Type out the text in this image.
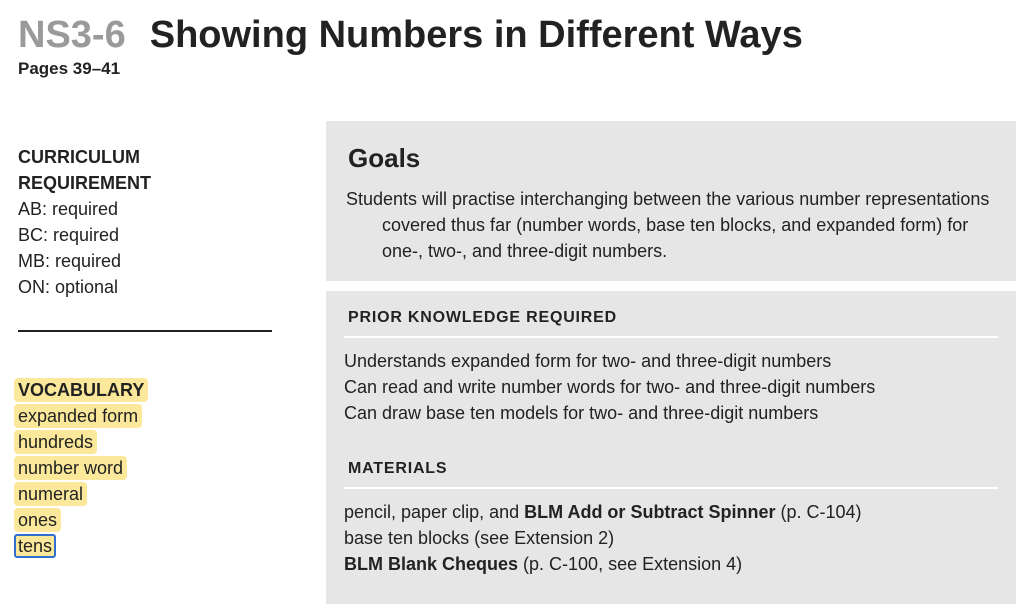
NS3-6 Showing Numbers in Different Ways
Pages 39–41
CURRICULUM
REQUIREMENT
AB: required
BC: required
MB: required
ON: optional
VOCABULARY
expanded form
hundreds
number word
numeral
ones
tens
Goals

Students will practise interchanging between the various number representations covered thus far (number words, base ten blocks, and expanded form) for one-, two-, and three-digit numbers.

PRIOR KNOWLEDGE REQUIRED
Understands expanded form for two- and three-digit numbers
Can read and write number words for two- and three-digit numbers
Can draw base ten models for two- and three-digit numbers
MATERIALS
pencil, paper clip, and BLM Add or Subtract Spinner (p. C-104)
base ten blocks (see Extension 2)
BLM Blank Cheques (p. C-100, see Extension 4)
